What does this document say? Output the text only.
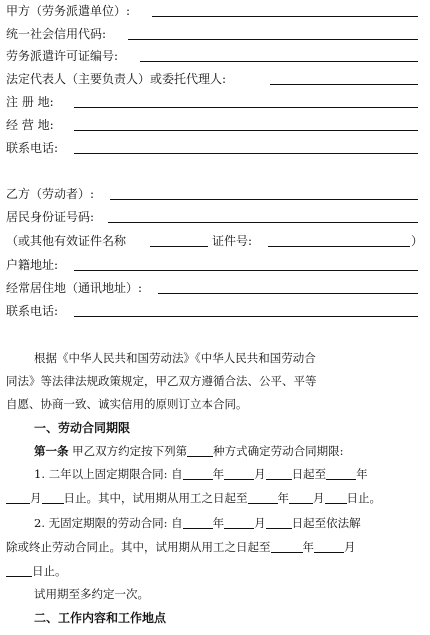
甲方（劳务派遣单位）:
统一社会信用代码:
劳务派遣许可证编号:
法定代表人（主要负责人）或委托代理人:
注 册 地:
经 营 地:
联系电话:
乙方（劳动者）:
居民身份证号码:
（或其他有效证件名称	证件号:	）
户籍地址:
经常居住地（通讯地址）:
联系电话:
根据《中华人民共和国劳动法》《中华人民共和国劳动合
同法》等法律法规政策规定，甲乙双方遵循合法、公平、平等
自愿、协商一致、诚实信用的原则订立本合同。
一、劳动合同期限
第一条 甲乙双方约定按下列第 种方式确定劳动合同期限:
1. 二年以上固定期限合同: 自	年	月 日起至	年
月 日止。其中，试用期从用工之日起至	年 月 日止。
2. 无固定期限的劳动合同: 自	年	月 日起至依法解
除或终止劳动合同止。其中，试用期从用工之日起至	年	月
日止。
试用期至多约定一次。
二、工作内容和工作地点
